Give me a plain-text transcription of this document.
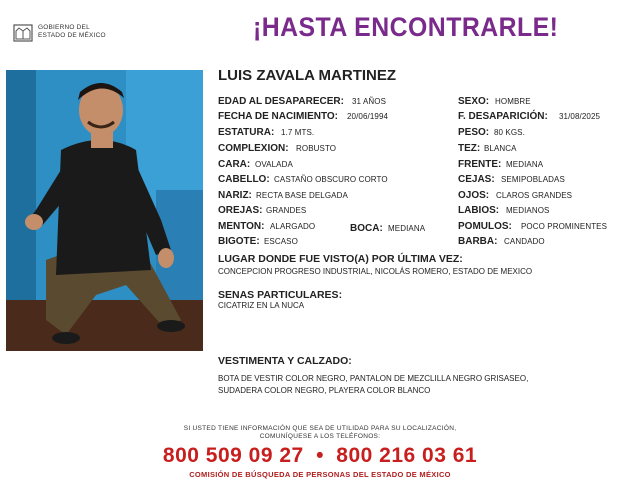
GOBIERNO DEL
ESTADO DE MÉXICO	¡HASTA ENCONTRARLE!
LUIS ZAVALA MARTINEZ
EDAD AL DESAPARECER: 31 AÑOS
FECHA DE NACIMIENTO: 20/06/1994
ESTATURA: 1.7 MTS.
COMPLEXION: ROBUSTO
CARA: OVALADA
CABELLO: CASTAÑO OBSCURO CORTO
NARIZ: RECTA BASE DELGADA
OREJAS: GRANDES
MENTON: ALARGADO	BOCA: MEDIANA
BIGOTE: ESCASO
SEXO: HOMBRE
F. DESAPARICIÓN: 31/08/2025
PESO: 80 KGS.
TEZ: BLANCA
FRENTE: MEDIANA
CEJAS: SEMIPOBLADAS
OJOS: CLAROS GRANDES
LABIOS: MEDIANOS
POMULOS: POCO PROMINENTES
BARBA: CANDADO
LUGAR DONDE FUE VISTO(A) POR ÚLTIMA VEZ:
CONCEPCION PROGRESO INDUSTRIAL, NICOLÁS ROMERO, ESTADO DE MEXICO
SENAS PARTICULARES:
CICATRIZ EN LA NUCA
VESTIMENTA Y CALZADO:
BOTA DE VESTIR COLOR NEGRO, PANTALON DE MEZCLILLA NEGRO GRISASEO,
SUDADERA COLOR NEGRO, PLAYERA COLOR BLANCO
SI USTED TIENE INFORMACIÓN QUE SEA DE UTILIDAD PARA SU LOCALIZACIÓN,
COMUNÍQUESE A LOS TELÉFONOS:
800 509 09 27 • 800 216 03 61
COMISIÓN DE BÚSQUEDA DE PERSONAS DEL ESTADO DE MÉXICO
